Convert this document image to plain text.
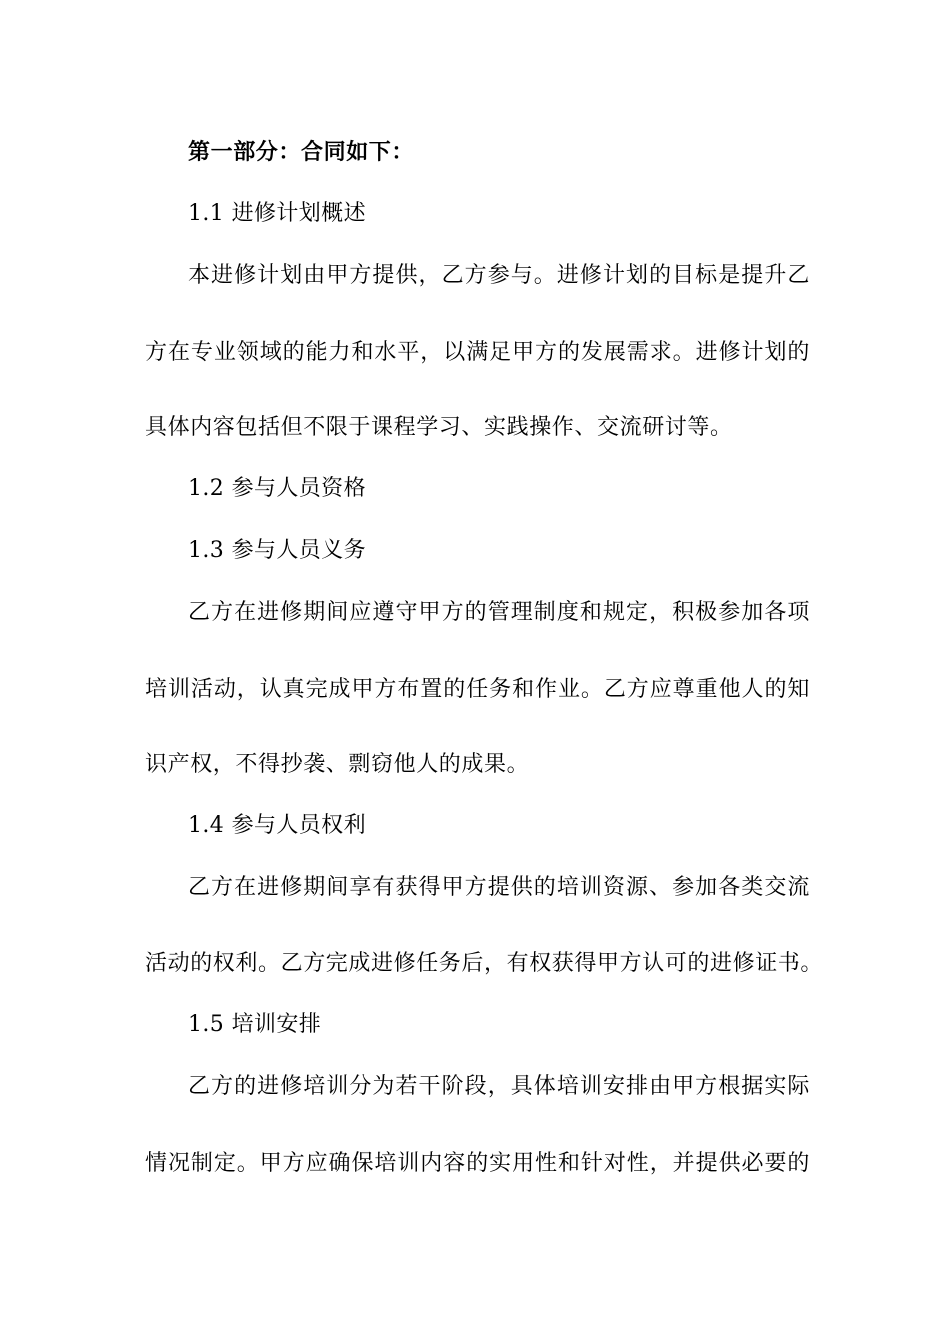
第一部分：合同如下：
1.1 进修计划概述
本进修计划由甲方提供，乙方参与。进修计划的目标是提升乙
方在专业领域的能力和水平，以满足甲方的发展需求。进修计划的
具体内容包括但不限于课程学习、实践操作、交流研讨等。
1.2 参与人员资格
1.3 参与人员义务
乙方在进修期间应遵守甲方的管理制度和规定，积极参加各项
培训活动，认真完成甲方布置的任务和作业。乙方应尊重他人的知
识产权，不得抄袭、剽窃他人的成果。
1.4 参与人员权利
乙方在进修期间享有获得甲方提供的培训资源、参加各类交流
活动的权利。乙方完成进修任务后，有权获得甲方认可的进修证书。
1.5 培训安排
乙方的进修培训分为若干阶段，具体培训安排由甲方根据实际
情况制定。甲方应确保培训内容的实用性和针对性，并提供必要的
